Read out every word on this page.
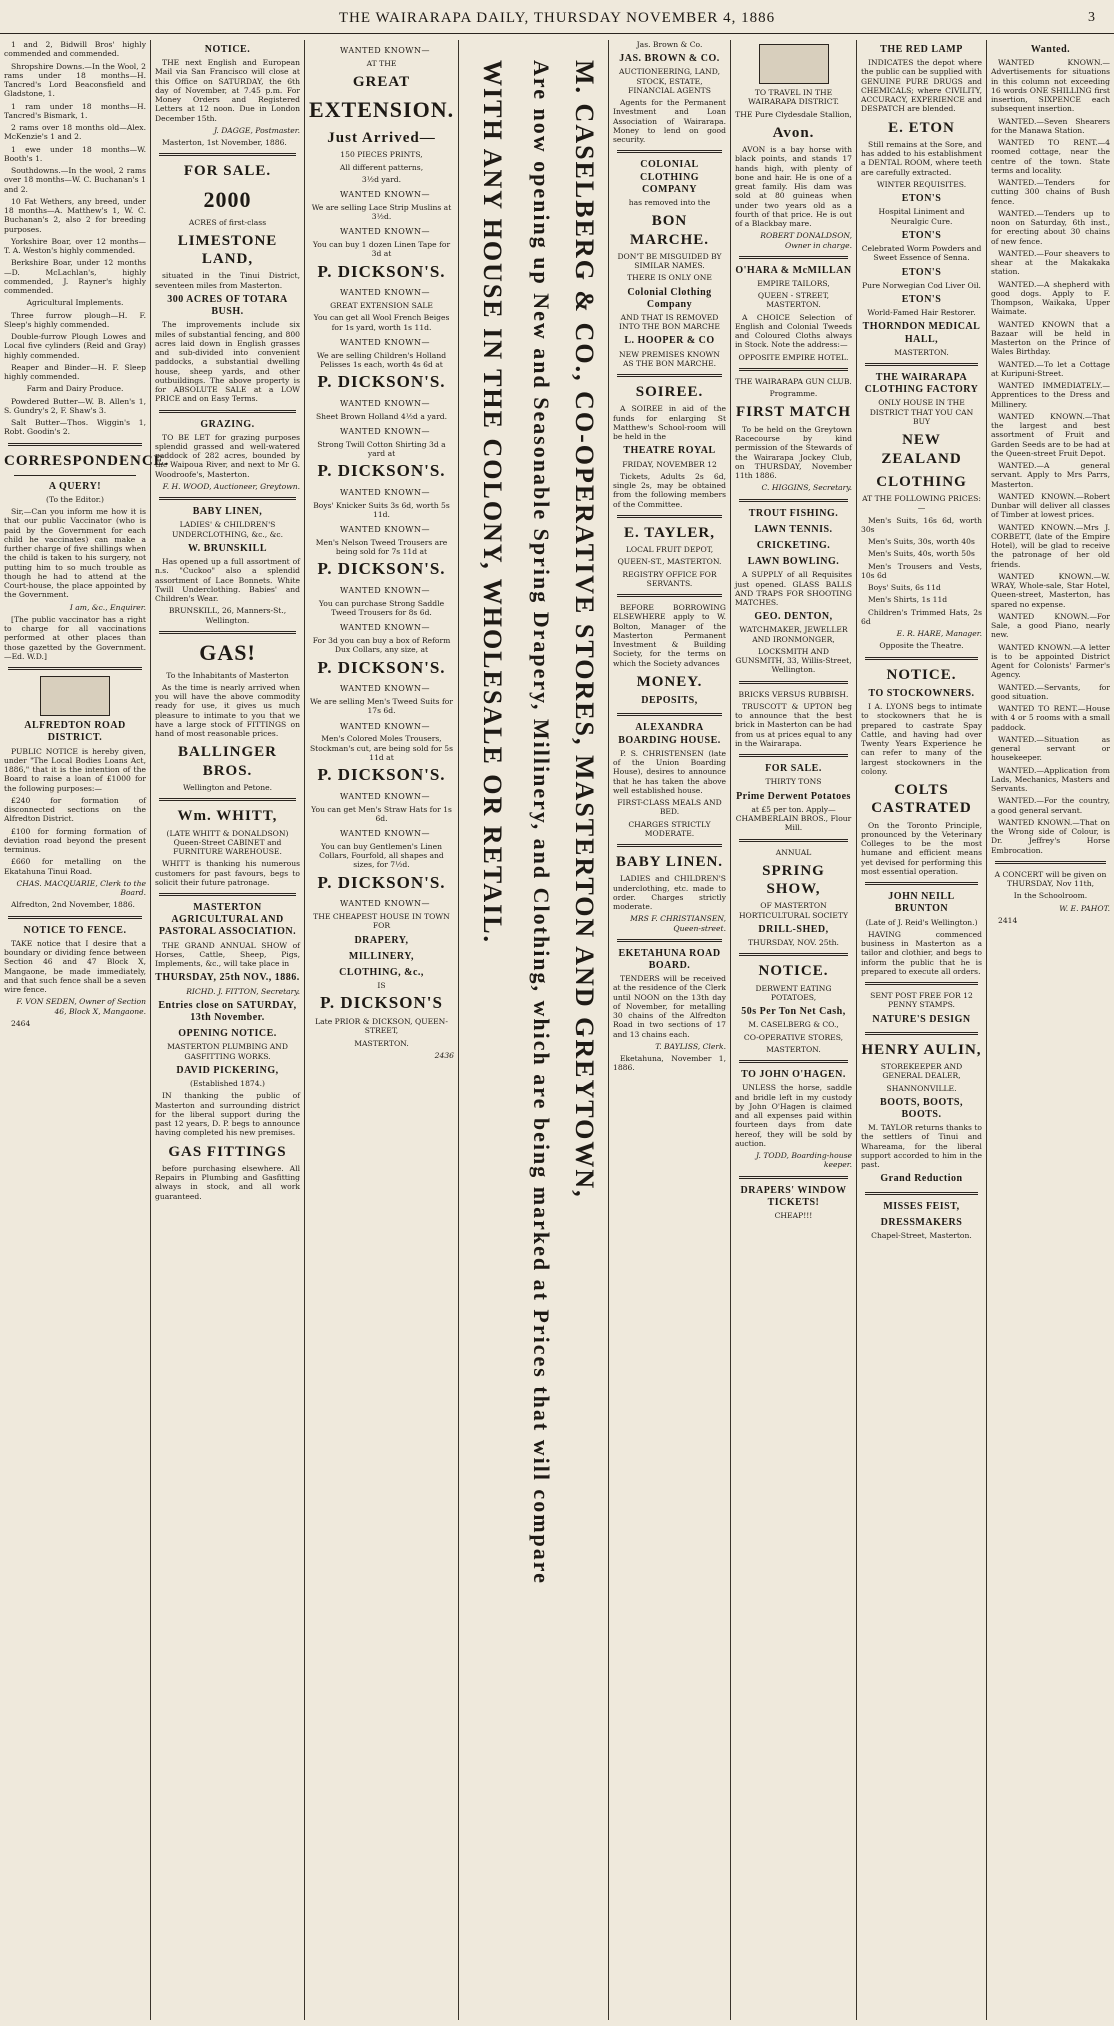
THE WAIRARAPA DAILY, THURSDAY NOVEMBER 4, 1886	3

1 and 2, Bidwill Bros' highly commended and commended.

Shropshire Downs.—In the Wool, 2 rams under 18 months—H. Tancred's Lord Beaconsfield and Gladstone, 1.

1 ram under 18 months—H. Tancred's Bismark, 1.

2 rams over 18 months old—Alex. McKenzie's 1 and 2.

1 ewe under 18 months—W. Booth's 1.

Southdowns.—In the wool, 2 rams over 18 months—W. C. Buchanan's 1 and 2.

10 Fat Wethers, any breed, under 18 months—A. Matthew's 1, W. C. Buchanan's 2, also 2 for breeding purposes.

Yorkshire Boar, over 12 months—T. A. Weston's highly commended.

Berkshire Boar, under 12 months—D. McLachlan's, highly commended, J. Rayner's highly commended.

Agricultural Implements.

Three furrow plough—H. F. Sleep's highly commended.

Double-furrow Plough Lowes and Local five cylinders (Reid and Gray) highly commended.

Reaper and Binder—H. F. Sleep highly commended.

Farm and Dairy Produce.

Powdered Butter—W. B. Allen's 1, S. Gundry's 2, F. Shaw's 3.

Salt Butter—Thos. Wiggin's 1, Robt. Goodin's 2.

CORRESPONDENCE.
A QUERY!

(To the Editor.)

Sir,—Can you inform me how it is that our public Vaccinator (who is paid by the Government for each child he vaccinates) can make a further charge of five shillings when the child is taken to his surgery, not putting him to so much trouble as though he had to attend at the Court-house, the place appointed by the Government.

I am, &c., Enquirer.

[The public vaccinator has a right to charge for all vaccinations performed at other places than those gazetted by the Government.—Ed. W.D.]

ALFREDTON ROAD DISTRICT.

PUBLIC NOTICE is hereby given, under "The Local Bodies Loans Act, 1886," that it is the intention of the Board to raise a loan of £1000 for the following purposes:—

£240 for formation of disconnected sections on the Alfredton District.

£100 for forming formation of deviation road beyond the present terminus.

£660 for metalling on the Ekatahuna Tinui Road.

CHAS. MACQUARIE, Clerk to the Board.

Alfredton, 2nd November, 1886.

NOTICE TO FENCE.

TAKE notice that I desire that a boundary or dividing fence between Section 46 and 47 Block X, Mangaone, be made immediately, and that such fence shall be a seven wire fence.

F. VON SEDEN, Owner of Section 46, Block X, Mangaone.

2464

NOTICE.

THE next English and European Mail via San Francisco will close at this Office on SATURDAY, the 6th day of November, at 7.45 p.m. For Money Orders and Registered Letters at 12 noon. Due in London December 15th.

J. DAGGE, Postmaster.

Masterton, 1st November, 1886.

FOR SALE.
2000

ACRES of first-class

LIMESTONE LAND,

situated in the Tinui District, seventeen miles from Masterton.

300 ACRES OF TOTARA BUSH.

The improvements include six miles of substantial fencing, and 800 acres laid down in English grasses and sub-divided into convenient paddocks, a substantial dwelling house, sheep yards, and other outbuildings. The above property is for ABSOLUTE SALE at a LOW PRICE and on Easy Terms.

GRAZING.

TO BE LET for grazing purposes splendid grassed and well-watered paddock of 282 acres, bounded by the Waipoua River, and next to Mr G. Woodroofe's, Masterton.

F. H. WOOD, Auctioneer, Greytown.

BABY LINEN,

LADIES' & CHILDREN'S UNDERCLOTHING, &c., &c.

W. BRUNSKILL

Has opened up a full assortment of n.s. "Cuckoo" also a splendid assortment of Lace Bonnets. White Twill Underclothing. Babies' and Children's Wear.

BRUNSKILL, 26, Manners-St., Wellington.

GAS!

To the Inhabitants of Masterton

As the time is nearly arrived when you will have the above commodity ready for use, it gives us much pleasure to intimate to you that we have a large stock of FITTINGS on hand of most reasonable prices.

BALLINGER BROS.

Wellington and Petone.

Wm. WHITT,

(LATE WHITT & DONALDSON) Queen-Street CABINET and FURNITURE WAREHOUSE.

WHITT is thanking his numerous customers for past favours, begs to solicit their future patronage.

MASTERTON AGRICULTURAL AND PASTORAL ASSOCIATION.

THE GRAND ANNUAL SHOW of Horses, Cattle, Sheep, Pigs, Implements, &c., will take place in

THURSDAY, 25th NOV., 1886.

RICHD. J. FITTON, Secretary.

Entries close on SATURDAY, 13th November.
OPENING NOTICE.

MASTERTON PLUMBING AND GASFITTING WORKS.

DAVID PICKERING,

(Established 1874.)

IN thanking the public of Masterton and surrounding district for the liberal support during the past 12 years, D. P. begs to announce having completed his new premises.

GAS FITTINGS

before purchasing elsewhere. All Repairs in Plumbing and Gasfitting always in stock, and all work guaranteed.

WANTED KNOWN—

AT THE

GREAT
EXTENSION.
Just Arrived—

150 PIECES PRINTS,

All different patterns,

3½d yard.

WANTED KNOWN—

We are selling Lace Strip Muslins at 3½d.

WANTED KNOWN—

You can buy 1 dozen Linen Tape for 3d at

P. DICKSON'S.

WANTED KNOWN—

GREAT EXTENSION SALE

You can get all Wool French Beiges for 1s yard, worth 1s 11d.

WANTED KNOWN—

We are selling Children's Holland Pelisses 1s each, worth 4s 6d at

P. DICKSON'S.

WANTED KNOWN—

Sheet Brown Holland 4½d a yard.

WANTED KNOWN—

Strong Twill Cotton Shirting 3d a yard at

P. DICKSON'S.

WANTED KNOWN—

Boys' Knicker Suits 3s 6d, worth 5s 11d.

WANTED KNOWN—

Men's Nelson Tweed Trousers are being sold for 7s 11d at

P. DICKSON'S.

WANTED KNOWN—

You can purchase Strong Saddle Tweed Trousers for 8s 6d.

WANTED KNOWN—

For 3d you can buy a box of Reform Dux Collars, any size, at

P. DICKSON'S.

WANTED KNOWN—

We are selling Men's Tweed Suits for 17s 6d.

WANTED KNOWN—

Men's Colored Moles Trousers, Stockman's cut, are being sold for 5s 11d at

P. DICKSON'S.

WANTED KNOWN—

You can get Men's Straw Hats for 1s 6d.

WANTED KNOWN—

You can buy Gentlemen's Linen Collars, Fourfold, all shapes and sizes, for 7½d.

P. DICKSON'S.

WANTED KNOWN—

THE CHEAPEST HOUSE IN TOWN FOR

DRAPERY,
MILLINERY,
CLOTHING, &c.,

IS

P. DICKSON'S

Late PRIOR & DICKSON, QUEEN-STREET,

MASTERTON.

2436	M. CASELBERG & CO., CO-OPERATIVE STORES, MASTERTON AND GREYTOWN,
Are now opening up New and Seasonable Spring Drapery, Millinery, and Clothing, which are being marked at Prices that will compare
WITH ANY HOUSE IN THE COLONY, WHOLESALE OR RETAIL.

Jas. Brown & Co.

JAS. BROWN & CO.

AUCTIONEERING, LAND, STOCK, ESTATE, FINANCIAL AGENTS

Agents for the Permanent Investment and Loan Association of Wairarapa. Money to lend on good security.

COLONIAL CLOTHING COMPANY

has removed into the

BON MARCHE.

DON'T BE MISGUIDED BY SIMILAR NAMES.

THERE IS ONLY ONE

Colonial Clothing Company

AND THAT IS REMOVED INTO THE BON MARCHE

L. HOOPER & CO

NEW PREMISES KNOWN AS THE BON MARCHE.

SOIREE.

A SOIREE in aid of the funds for enlarging St Matthew's School-room will be held in the

THEATRE ROYAL

FRIDAY, NOVEMBER 12

Tickets, Adults 2s 6d, single 2s, may be obtained from the following members of the Committee.

E. TAYLER,

LOCAL FRUIT DEPOT,

QUEEN-ST., MASTERTON.

REGISTRY OFFICE FOR SERVANTS.

BEFORE BORROWING ELSEWHERE apply to W. Bolton, Manager of the Masterton Permanent Investment & Building Society, for the terms on which the Society advances

MONEY.
DEPOSITS,
ALEXANDRA BOARDING HOUSE.

P. S. CHRISTENSEN (late of the Union Boarding House), desires to announce that he has taken the above well established house.

FIRST-CLASS MEALS AND BED.

CHARGES STRICTLY MODERATE.

BABY LINEN.

LADIES and CHILDREN'S underclothing, etc. made to order. Charges strictly moderate.

MRS F. CHRISTIANSEN, Queen-street.

EKETAHUNA ROAD BOARD.

TENDERS will be received at the residence of the Clerk until NOON on the 13th day of November, for metalling 30 chains of the Alfredton Road in two sections of 17 and 13 chains each.

T. BAYLISS, Clerk.

Eketahuna, November 1, 1886.

TO TRAVEL IN THE WAIRARAPA DISTRICT.

THE Pure Clydesdale Stallion,

Avon.

AVON is a bay horse with black points, and stands 17 hands high, with plenty of bone and hair. He is one of a great family. His dam was sold at 80 guineas when under two years old as a fourth of that price. He is out of a Blackbay mare.

ROBERT DONALDSON, Owner in charge.

O'HARA & McMILLAN

EMPIRE TAILORS,

QUEEN - STREET, MASTERTON.

A CHOICE Selection of English and Colonial Tweeds and Coloured Cloths always in Stock. Note the address:—

OPPOSITE EMPIRE HOTEL.

THE WAIRARAPA GUN CLUB.

Programme.

FIRST MATCH

To be held on the Greytown Racecourse by kind permission of the Stewards of the Wairarapa Jockey Club, on THURSDAY, November 11th 1886.

C. HIGGINS, Secretary.

TROUT FISHING.
LAWN TENNIS.
CRICKETING.
LAWN BOWLING.

A SUPPLY of all Requisites just opened. GLASS BALLS AND TRAPS FOR SHOOTING MATCHES.

GEO. DENTON,

WATCHMAKER, JEWELLER AND IRONMONGER,

LOCKSMITH AND GUNSMITH, 33, Willis-Street, Wellington.

BRICKS VERSUS RUBBISH.

TRUSCOTT & UPTON beg to announce that the best brick in Masterton can be had from us at prices equal to any in the Wairarapa.

FOR SALE.

THIRTY TONS

Prime Derwent Potatoes

at £5 per ton. Apply— CHAMBERLAIN BROS., Flour Mill.

ANNUAL

SPRING SHOW,

OF MASTERTON HORTICULTURAL SOCIETY

DRILL-SHED,

THURSDAY, NOV. 25th.

NOTICE.

DERWENT EATING POTATOES,

50s Per Ton Net Cash,

M. CASELBERG & CO.,

CO-OPERATIVE STORES,

MASTERTON.

TO JOHN O'HAGEN.

UNLESS the horse, saddle and bridle left in my custody by John O'Hagen is claimed and all expenses paid within fourteen days from date hereof, they will be sold by auction.

J. TODD, Boarding-house keeper.

DRAPERS' WINDOW TICKETS!

CHEAP!!!

THE RED LAMP

INDICATES the depot where the public can be supplied with GENUINE PURE DRUGS and CHEMICALS; where CIVILITY, ACCURACY, EXPERIENCE and DESPATCH are blended.

E. ETON

Still remains at the Sore, and has added to his establishment a DENTAL ROOM, where teeth are carefully extracted.

WINTER REQUISITES.

ETON'S

Hospital Liniment and Neuralgic Cure.

ETON'S

Celebrated Worm Powders and Sweet Essence of Senna.

ETON'S

Pure Norwegian Cod Liver Oil.

ETON'S

World-Famed Hair Restorer.

THORNDON MEDICAL HALL,

MASTERTON.

THE WAIRARAPA CLOTHING FACTORY

ONLY HOUSE IN THE DISTRICT THAT YOU CAN BUY

NEW ZEALAND
CLOTHING

AT THE FOLLOWING PRICES:—

Men's Suits, 16s 6d, worth 30s

Men's Suits, 30s, worth 40s

Men's Suits, 40s, worth 50s

Men's Trousers and Vests, 10s 6d

Boys' Suits, 6s 11d

Men's Shirts, 1s 11d

Children's Trimmed Hats, 2s 6d

E. R. HARE, Manager.

Opposite the Theatre.

NOTICE.
TO STOCKOWNERS.

I A. LYONS begs to intimate to stockowners that he is prepared to castrate Spay Cattle, and having had over Twenty Years Experience he can refer to many of the largest stockowners in the colony.

COLTS CASTRATED

On the Toronto Principle, pronounced by the Veterinary Colleges to be the most humane and efficient means yet devised for performing this most essential operation.

JOHN NEILL BRUNTON

(Late of J. Reid's Wellington.)

HAVING commenced business in Masterton as a tailor and clothier, and begs to inform the public that he is prepared to execute all orders.

SENT POST FREE FOR 12 PENNY STAMPS.

NATURE'S DESIGN
HENRY AULIN,

STOREKEEPER AND GENERAL DEALER,

SHANNONVILLE.

BOOTS, BOOTS, BOOTS.

M. TAYLOR returns thanks to the settlers of Tinui and Whareama, for the liberal support accorded to him in the past.

Grand Reduction
MISSES FEIST,
DRESSMAKERS

Chapel-Street, Masterton.

Wanted.

WANTED KNOWN.—Advertisements for situations in this column not exceeding 16 words ONE SHILLING first insertion, SIXPENCE each subsequent insertion.

WANTED.—Seven Shearers for the Manawa Station.

WANTED TO RENT.—4 roomed cottage, near the centre of the town. State terms and locality.

WANTED.—Tenders for cutting 300 chains of Bush fence.

WANTED.—Tenders up to noon on Saturday, 6th inst., for erecting about 30 chains of new fence.

WANTED.—Four sheavers to shear at the Makakaka station.

WANTED.—A shepherd with good dogs. Apply to F. Thompson, Waikaka, Upper Waimate.

WANTED KNOWN that a Bazaar will be held in Masterton on the Prince of Wales Birthday.

WANTED.—To let a Cottage at Kuripuni-Street.

WANTED IMMEDIATELY.—Apprentices to the Dress and Millinery.

WANTED KNOWN.—That the largest and best assortment of Fruit and Garden Seeds are to be had at the Queen-street Fruit Depot.

WANTED.—A general servant. Apply to Mrs Parrs, Masterton.

WANTED KNOWN.—Robert Dunbar will deliver all classes of Timber at lowest prices.

WANTED KNOWN.—Mrs J. CORBETT, (late of the Empire Hotel), will be glad to receive the patronage of her old friends.

WANTED KNOWN.—W. WRAY, Whole-sale, Star Hotel, Queen-street, Masterton, has spared no expense.

WANTED KNOWN.—For Sale, a good Piano, nearly new.

WANTED KNOWN.—A letter is to be appointed District Agent for Colonists' Farmer's Agency.

WANTED.—Servants, for good situation.

WANTED TO RENT.—House with 4 or 5 rooms with a small paddock.

WANTED.—Situation as general servant or housekeeper.

WANTED.—Application from Lads, Mechanics, Masters and Servants.

WANTED.—For the country, a good general servant.

WANTED KNOWN.—That on the Wrong side of Colour, is Dr. Jeffrey's Horse Embrocation.

A CONCERT will be given on THURSDAY, Nov 11th,

In the Schoolroom.

W. E. PAHOT.

2414
